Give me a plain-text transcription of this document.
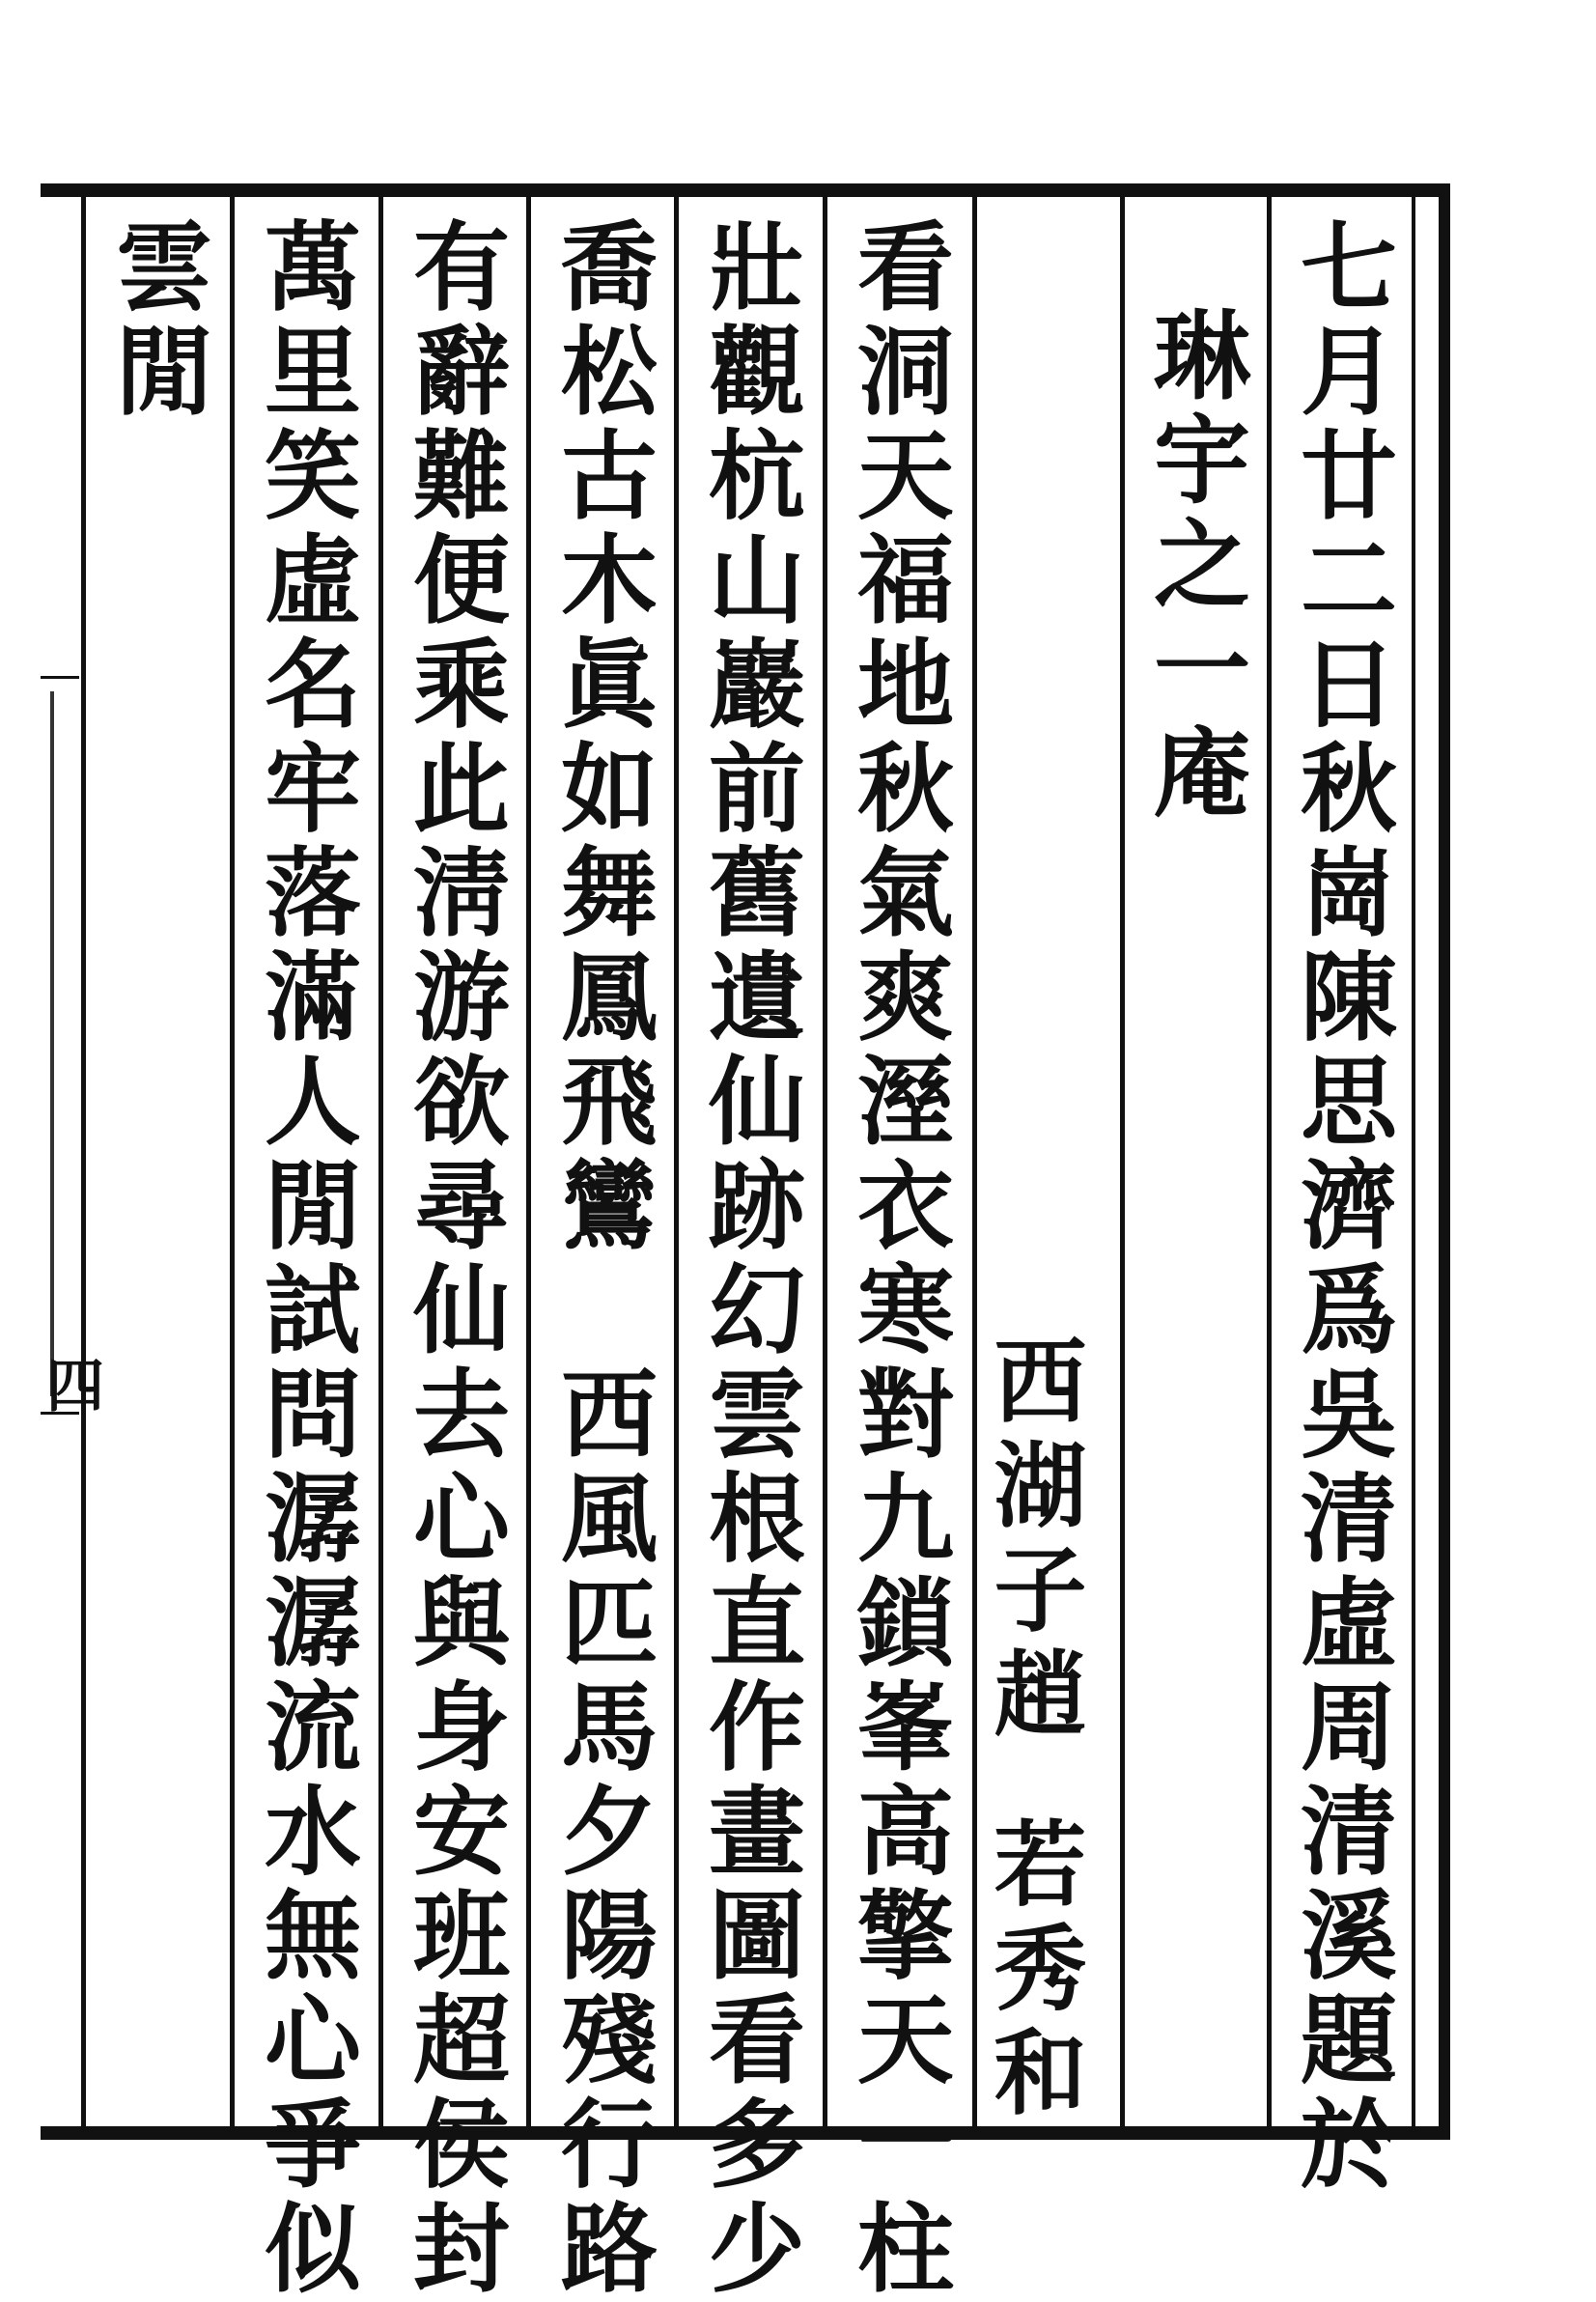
七月廿二日秋崗陳思濟爲吳清虛周清溪題於
琳宇之一庵
西湖子趙
若秀和
看洞天福地秋氣爽溼衣寒對九鎖峯高擎天一柱
壯觀杭山巖前舊遺仙跡幻雲根直作畫圖看多少
喬松古木眞如舞鳳飛鸞　西風匹馬夕陽殘行路
有辭難便乘此淸游欲尋仙去心與身安班超侯封
萬里笑虛名牢落滿人閒試問潺潺流水無心爭似
雲閒
四
